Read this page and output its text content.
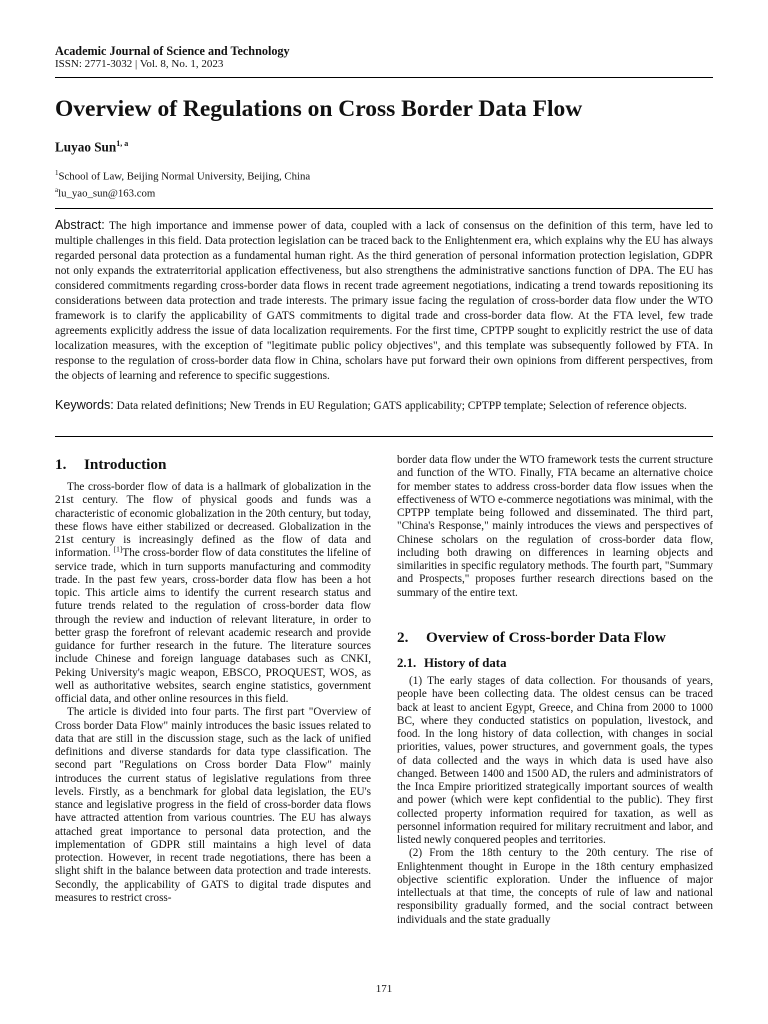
Academic Journal of Science and Technology
ISSN: 2771-3032 | Vol. 8, No. 1, 2023
Overview of Regulations on Cross Border Data Flow
Luyao Sun$^{1, a}$
$^1$School of Law, Beijing Normal University, Beijing, China
$^a$lu_yao_sun@163.com
Abstract: The high importance and immense power of data, coupled with a lack of consensus on the definition of this term, have led to multiple challenges in this field. Data protection legislation can be traced back to the Enlightenment era, which explains why the EU has always regarded personal data protection as a fundamental human right. As the third generation of personal information protection legislation, GDPR not only expands the extraterritorial application effectiveness, but also strengthens the administrative sanctions function of DPA. The EU has considered commitments regarding cross-border data flows in recent trade agreement negotiations, indicating a trend towards repositioning its considerations between data protection and trade interests. The primary issue facing the regulation of cross-border data flow under the WTO framework is to clarify the applicability of GATS commitments to digital trade and cross-border data flow. At the FTA level, few trade agreements explicitly address the issue of data localization requirements. For the first time, CPTPP sought to explicitly restrict the use of data localization measures, with the exception of "legitimate public policy objectives", and this template was subsequently followed by FTA. In response to the regulation of cross-border data flow in China, scholars have put forward their own opinions from different perspectives, from the objects of learning and reference to specific suggestions.
Keywords: Data related definitions; New Trends in EU Regulation; GATS applicability; CPTPP template; Selection of reference objects.
1. Introduction

The cross-border flow of data is a hallmark of globalization in the 21st century. The flow of physical goods and funds was a characteristic of economic globalization in the 20th century, but today, these flows have either stabilized or decreased. Globalization in the 21st century is increasingly defined as the flow of data and information. [1]The cross-border flow of data constitutes the lifeline of service trade, which in turn supports manufacturing and commodity trade. In the past few years, cross-border data flow has been a hot topic. This article aims to identify the current research status and future trends related to the regulation of cross-border data flow through the review and induction of relevant literature, in order to better grasp the forefront of relevant academic research and provide guidance for further research in the future. The literature sources include Chinese and foreign language databases such as CNKI, Peking University's magic weapon, EBSCO, PROQUEST, WOS, as well as authoritative websites, search engine statistics, government official data, and other online resources in this field.

The article is divided into four parts. The first part "Overview of Cross border Data Flow" mainly introduces the basic issues related to data that are still in the discussion stage, such as the lack of unified definitions and diverse standards for data type classification. The second part "Regulations on Cross border Data Flow" mainly introduces the current status of legislative regulations from three levels. Firstly, as a benchmark for global data legislation, the EU's stance and legislative progress in the field of cross-border data flows have attracted attention from various countries. The EU has always attached great importance to personal data protection, and the implementation of GDPR still maintains a high level of data protection. However, in recent trade negotiations, there has been a slight shift in the balance between data protection and trade interests. Secondly, the applicability of GATS to digital trade disputes and measures to restrict cross-

border data flow under the WTO framework tests the current structure and function of the WTO. Finally, FTA became an alternative choice for member states to address cross-border data flow issues when the effectiveness of WTO e-commerce negotiations was minimal, with the CPTPP template being followed and disseminated. The third part, "China's Response," mainly introduces the views and perspectives of Chinese scholars on the regulation of cross-border data flow, including both drawing on differences in learning objects and similarities in specific regulatory methods. The fourth part, "Summary and Prospects," proposes further research directions based on the summary of the entire text.

2. Overview of Cross-border Data Flow
2.1. History of data

(1) The early stages of data collection. For thousands of years, people have been collecting data. The oldest census can be traced back at least to ancient Egypt, Greece, and China from 2000 to 1000 BC, where they conducted statistics on population, livestock, and food. In the long history of data collection, with changes in social priorities, values, power structures, and government goals, the types of data collected and the ways in which data is used have also changed. Between 1400 and 1500 AD, the rulers and administrators of the Inca Empire prioritized strategically important sources of wealth and power (which were kept confidential to the public). They first collected property information required for taxation, as well as personnel information required for military recruitment and labor, and listed newly conquered peoples and territories.

(2) From the 18th century to the 20th century. The rise of Enlightenment thought in Europe in the 18th century emphasized objective scientific exploration. Under the influence of major intellectuals at that time, the concepts of rule of law and national responsibility gradually formed, and the social contract between individuals and the state gradually

171
